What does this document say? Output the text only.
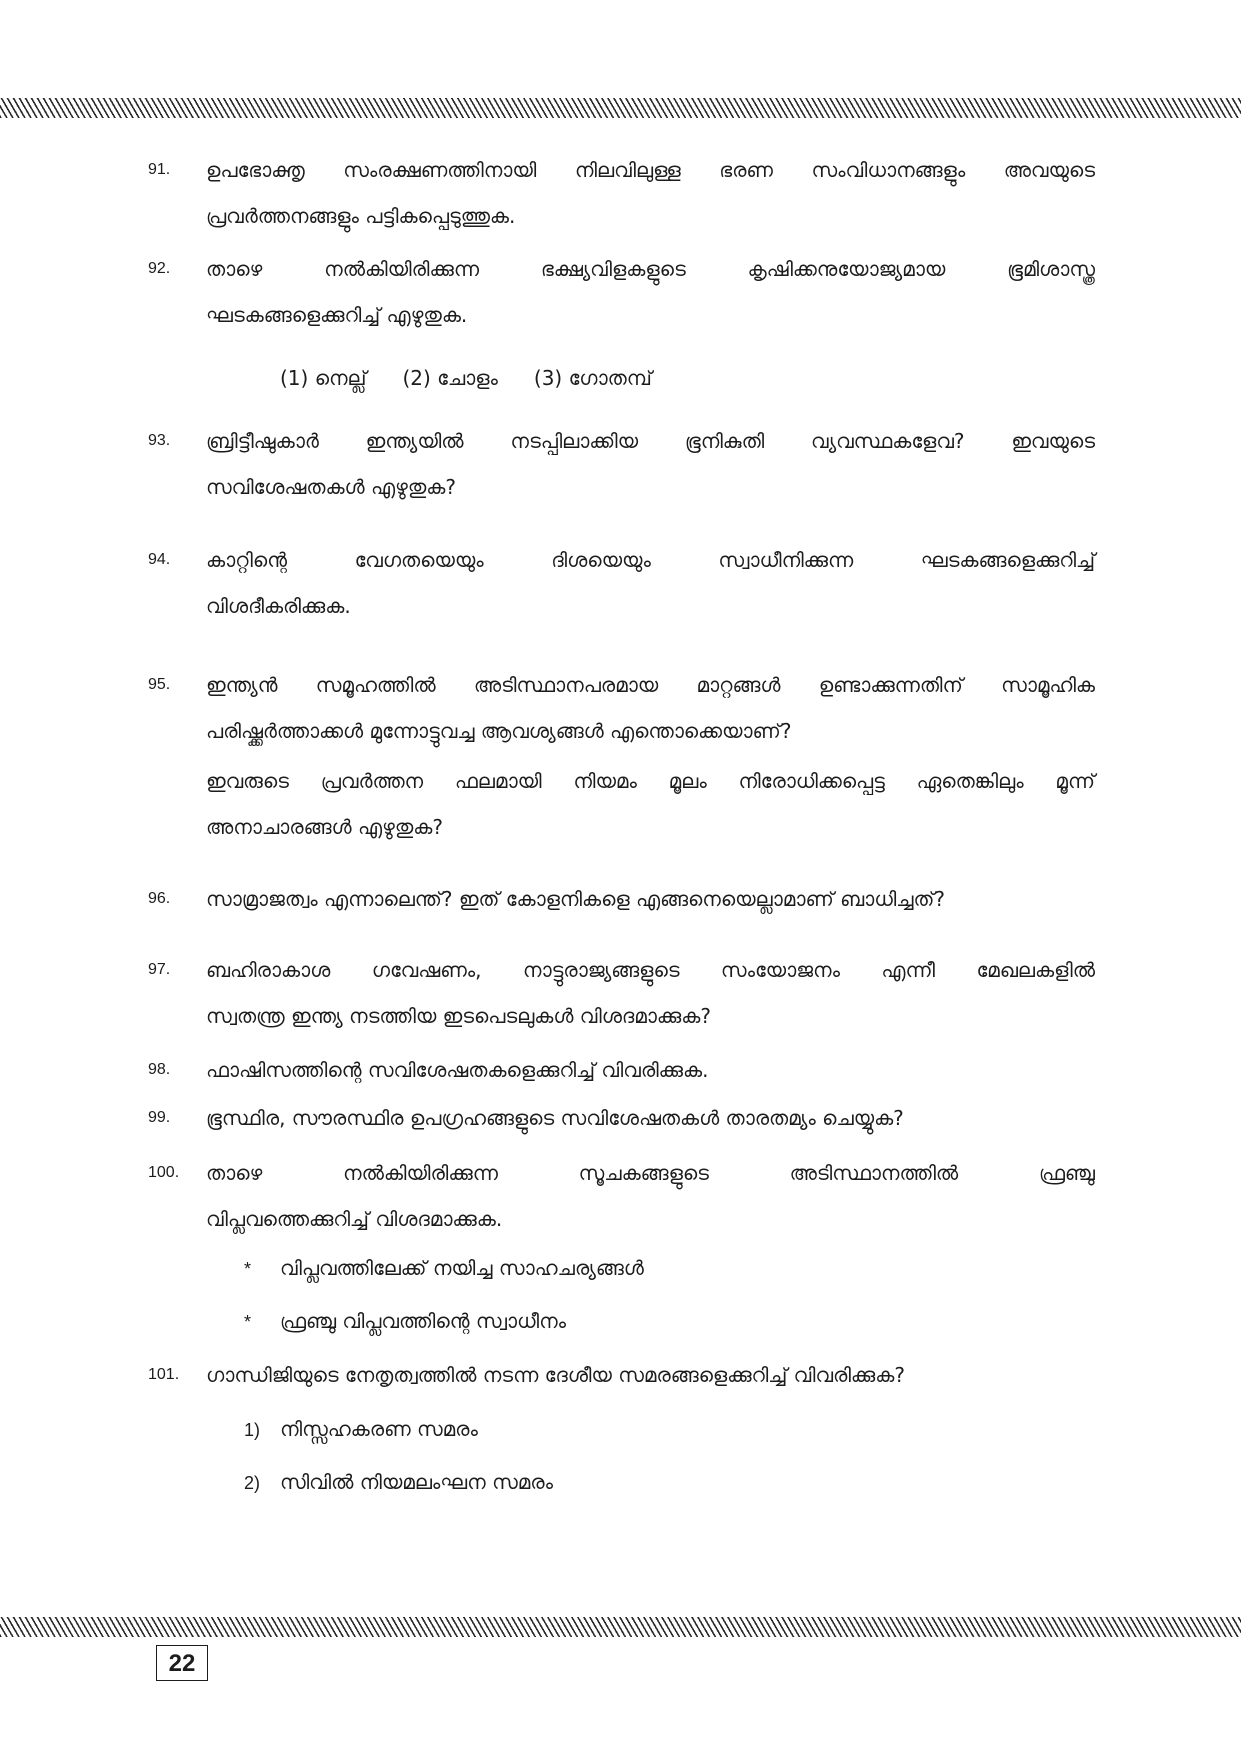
91. ഉപഭോക്തൃ സംരക്ഷണത്തിനായി നിലവിലുള്ള ഭരണ സംവിധാനങ്ങളും അവയുടെ
പ്രവർത്തനങ്ങളും പട്ടികപ്പെടുത്തുക.
92. താഴെ നൽകിയിരിക്കുന്ന ഭക്ഷ്യവിളകളുടെ കൃഷിക്കനുയോജ്യമായ ഭൂമിശാസ്ത്ര
ഘടകങ്ങളെക്കുറിച്ച് എഴുതുക.
(1) നെല്ല് (2) ചോളം (3) ഗോതമ്പ്
93. ബ്രിട്ടീഷുകാർ ഇന്ത്യയിൽ നടപ്പിലാക്കിയ ഭൂനികുതി വ്യവസ്ഥകളേവ? ഇവയുടെ
സവിശേഷതകൾ എഴുതുക?
94. കാറ്റിന്റെ വേഗതയെയും ദിശയെയും സ്വാധീനിക്കുന്ന ഘടകങ്ങളെക്കുറിച്ച്
വിശദീകരിക്കുക.
95. ഇന്ത്യൻ സമൂഹത്തിൽ അടിസ്ഥാനപരമായ മാറ്റങ്ങൾ ഉണ്ടാക്കുന്നതിന് സാമൂഹിക
പരിഷ്ക്കർത്താക്കൾ മുന്നോട്ടുവച്ച ആവശ്യങ്ങൾ എന്തൊക്കെയാണ്?
ഇവരുടെ പ്രവർത്തന ഫലമായി നിയമം മൂലം നിരോധിക്കപ്പെട്ട ഏതെങ്കിലും മൂന്ന്
അനാചാരങ്ങൾ എഴുതുക?
96. സാമ്രാജത്വം എന്നാലെന്ത്? ഇത് കോളനികളെ എങ്ങനെയെല്ലാമാണ് ബാധിച്ചത്?
97. ബഹിരാകാശ ഗവേഷണം, നാട്ടുരാജ്യങ്ങളുടെ സംയോജനം എന്നീ മേഖലകളിൽ
സ്വതന്ത്ര ഇന്ത്യ നടത്തിയ ഇടപെടലുകൾ വിശദമാക്കുക?
98. ഫാഷിസത്തിന്റെ സവിശേഷതകളെക്കുറിച്ച് വിവരിക്കുക.
99. ഭൂസ്ഥിര, സൗരസ്ഥിര ഉപഗ്രഹങ്ങളുടെ സവിശേഷതകൾ താരതമ്യം ചെയ്യുക?
100. താഴെ നൽകിയിരിക്കുന്ന സൂചകങ്ങളുടെ അടിസ്ഥാനത്തിൽ ഫ്രഞ്ചു
വിപ്ലവത്തെക്കുറിച്ച് വിശദമാക്കുക.
* വിപ്ലവത്തിലേക്ക് നയിച്ച സാഹചര്യങ്ങൾ
* ഫ്രഞ്ചു വിപ്ലവത്തിന്റെ സ്വാധീനം
101. ഗാന്ധിജിയുടെ നേതൃത്വത്തിൽ നടന്ന ദേശീയ സമരങ്ങളെക്കുറിച്ച് വിവരിക്കുക?
1) നിസ്സഹകരണ സമരം
2) സിവിൽ നിയമലംഘന സമരം
22
